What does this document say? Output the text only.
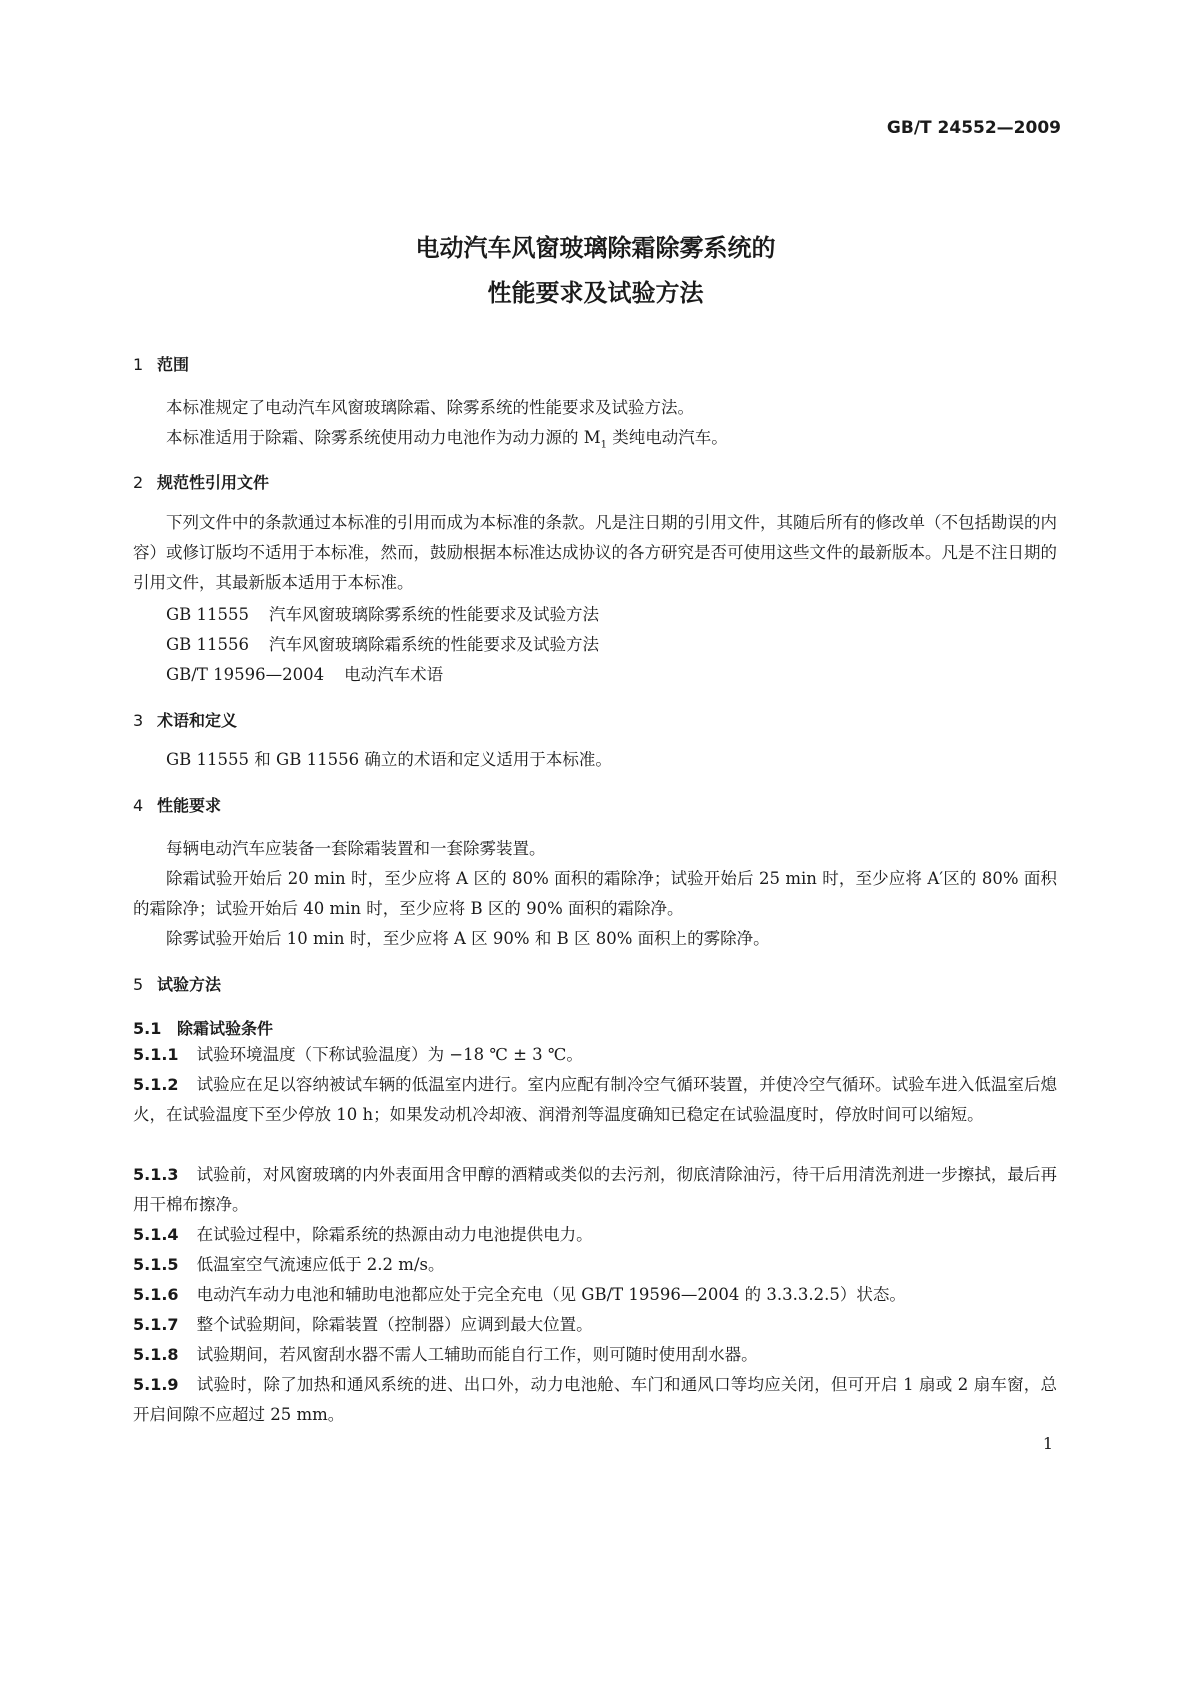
GB/T 24552—2009
电动汽车风窗玻璃除霜除雾系统的
性能要求及试验方法
1 范围
本标准规定了电动汽车风窗玻璃除霜、除雾系统的性能要求及试验方法。
本标准适用于除霜、除雾系统使用动力电池作为动力源的 $M_1$ 类纯电动汽车。
2 规范性引用文件
下列文件中的条款通过本标准的引用而成为本标准的条款。凡是注日期的引用文件，其随后所有的修改单（不包括勘误的内容）或修订版均不适用于本标准，然而，鼓励根据本标准达成协议的各方研究是否可使用这些文件的最新版本。凡是不注日期的引用文件，其最新版本适用于本标准。
GB 11555 汽车风窗玻璃除雾系统的性能要求及试验方法
GB 11556 汽车风窗玻璃除霜系统的性能要求及试验方法
GB/T 19596—2004 电动汽车术语
3 术语和定义
GB 11555 和 GB 11556 确立的术语和定义适用于本标准。
4 性能要求
每辆电动汽车应装备一套除霜装置和一套除雾装置。
除霜试验开始后 20 min 时，至少应将 A 区的 80% 面积的霜除净；试验开始后 25 min 时，至少应将 A′区的 80% 面积的霜除净；试验开始后 40 min 时，至少应将 B 区的 90% 面积的霜除净。
除雾试验开始后 10 min 时，至少应将 A 区 90% 和 B 区 80% 面积上的雾除净。
5 试验方法
5.1 除霜试验条件
5.1.1 试验环境温度（下称试验温度）为 −18 ℃ ± 3 ℃。
5.1.2 试验应在足以容纳被试车辆的低温室内进行。室内应配有制冷空气循环装置，并使冷空气循环。试验车进入低温室后熄火，在试验温度下至少停放 10 h；如果发动机冷却液、润滑剂等温度确知已稳定在试验温度时，停放时间可以缩短。
5.1.3 试验前，对风窗玻璃的内外表面用含甲醇的酒精或类似的去污剂，彻底清除油污，待干后用清洗剂进一步擦拭，最后再用干棉布擦净。
5.1.4 在试验过程中，除霜系统的热源由动力电池提供电力。
5.1.5 低温室空气流速应低于 2.2 m/s。
5.1.6 电动汽车动力电池和辅助电池都应处于完全充电（见 GB/T 19596—2004 的 3.3.3.2.5）状态。
5.1.7 整个试验期间，除霜装置（控制器）应调到最大位置。
5.1.8 试验期间，若风窗刮水器不需人工辅助而能自行工作，则可随时使用刮水器。
5.1.9 试验时，除了加热和通风系统的进、出口外，动力电池舱、车门和通风口等均应关闭，但可开启 1 扇或 2 扇车窗，总开启间隙不应超过 25 mm。
1
